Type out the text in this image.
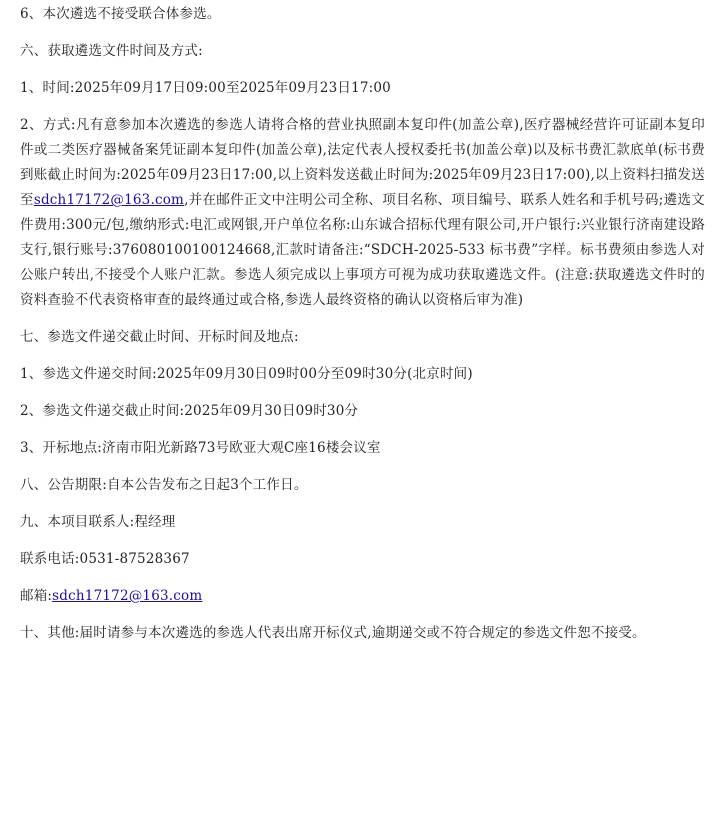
6、本次遴选不接受联合体参选。

六、获取遴选文件时间及方式:

1、时间:2025年09月17日09:00至2025年09月23日17:00

2、方式:凡有意参加本次遴选的参选人请将合格的营业执照副本复印件(加盖公章),医疗器械经营许可证副本复印件或二类医疗器械备案凭证副本复印件(加盖公章),法定代表人授权委托书(加盖公章)以及标书费汇款底单(标书费到账截止时间为:2025年09月23日17:00,以上资料发送截止时间为:2025年09月23日17:00),以上资料扫描发送至sdch17172@163.com,并在邮件正文中注明公司全称、项目名称、项目编号、联系人姓名和手机号码;遴选文件费用:300元/包,缴纳形式:电汇或网银,开户单位名称:山东诚合招标代理有限公司,开户银行:兴业银行济南建设路支行,银行账号:376080100100124668,汇款时请备注:“SDCH-2025-533 标书费”字样。标书费须由参选人对公账户转出,不接受个人账户汇款。参选人须完成以上事项方可视为成功获取遴选文件。(注意:获取遴选文件时的资料查验不代表资格审查的最终通过或合格,参选人最终资格的确认以资格后审为准)

七、参选文件递交截止时间、开标时间及地点:

1、参选文件递交时间:2025年09月30日09时00分至09时30分(北京时间)

2、参选文件递交截止时间:2025年09月30日09时30分

3、开标地点:济南市阳光新路73号欧亚大观C座16楼会议室

八、公告期限:自本公告发布之日起3个工作日。

九、本项目联系人:程经理

联系电话:0531-87528367

邮箱:sdch17172@163.com

十、其他:届时请参与本次遴选的参选人代表出席开标仪式,逾期递交或不符合规定的参选文件恕不接受。
